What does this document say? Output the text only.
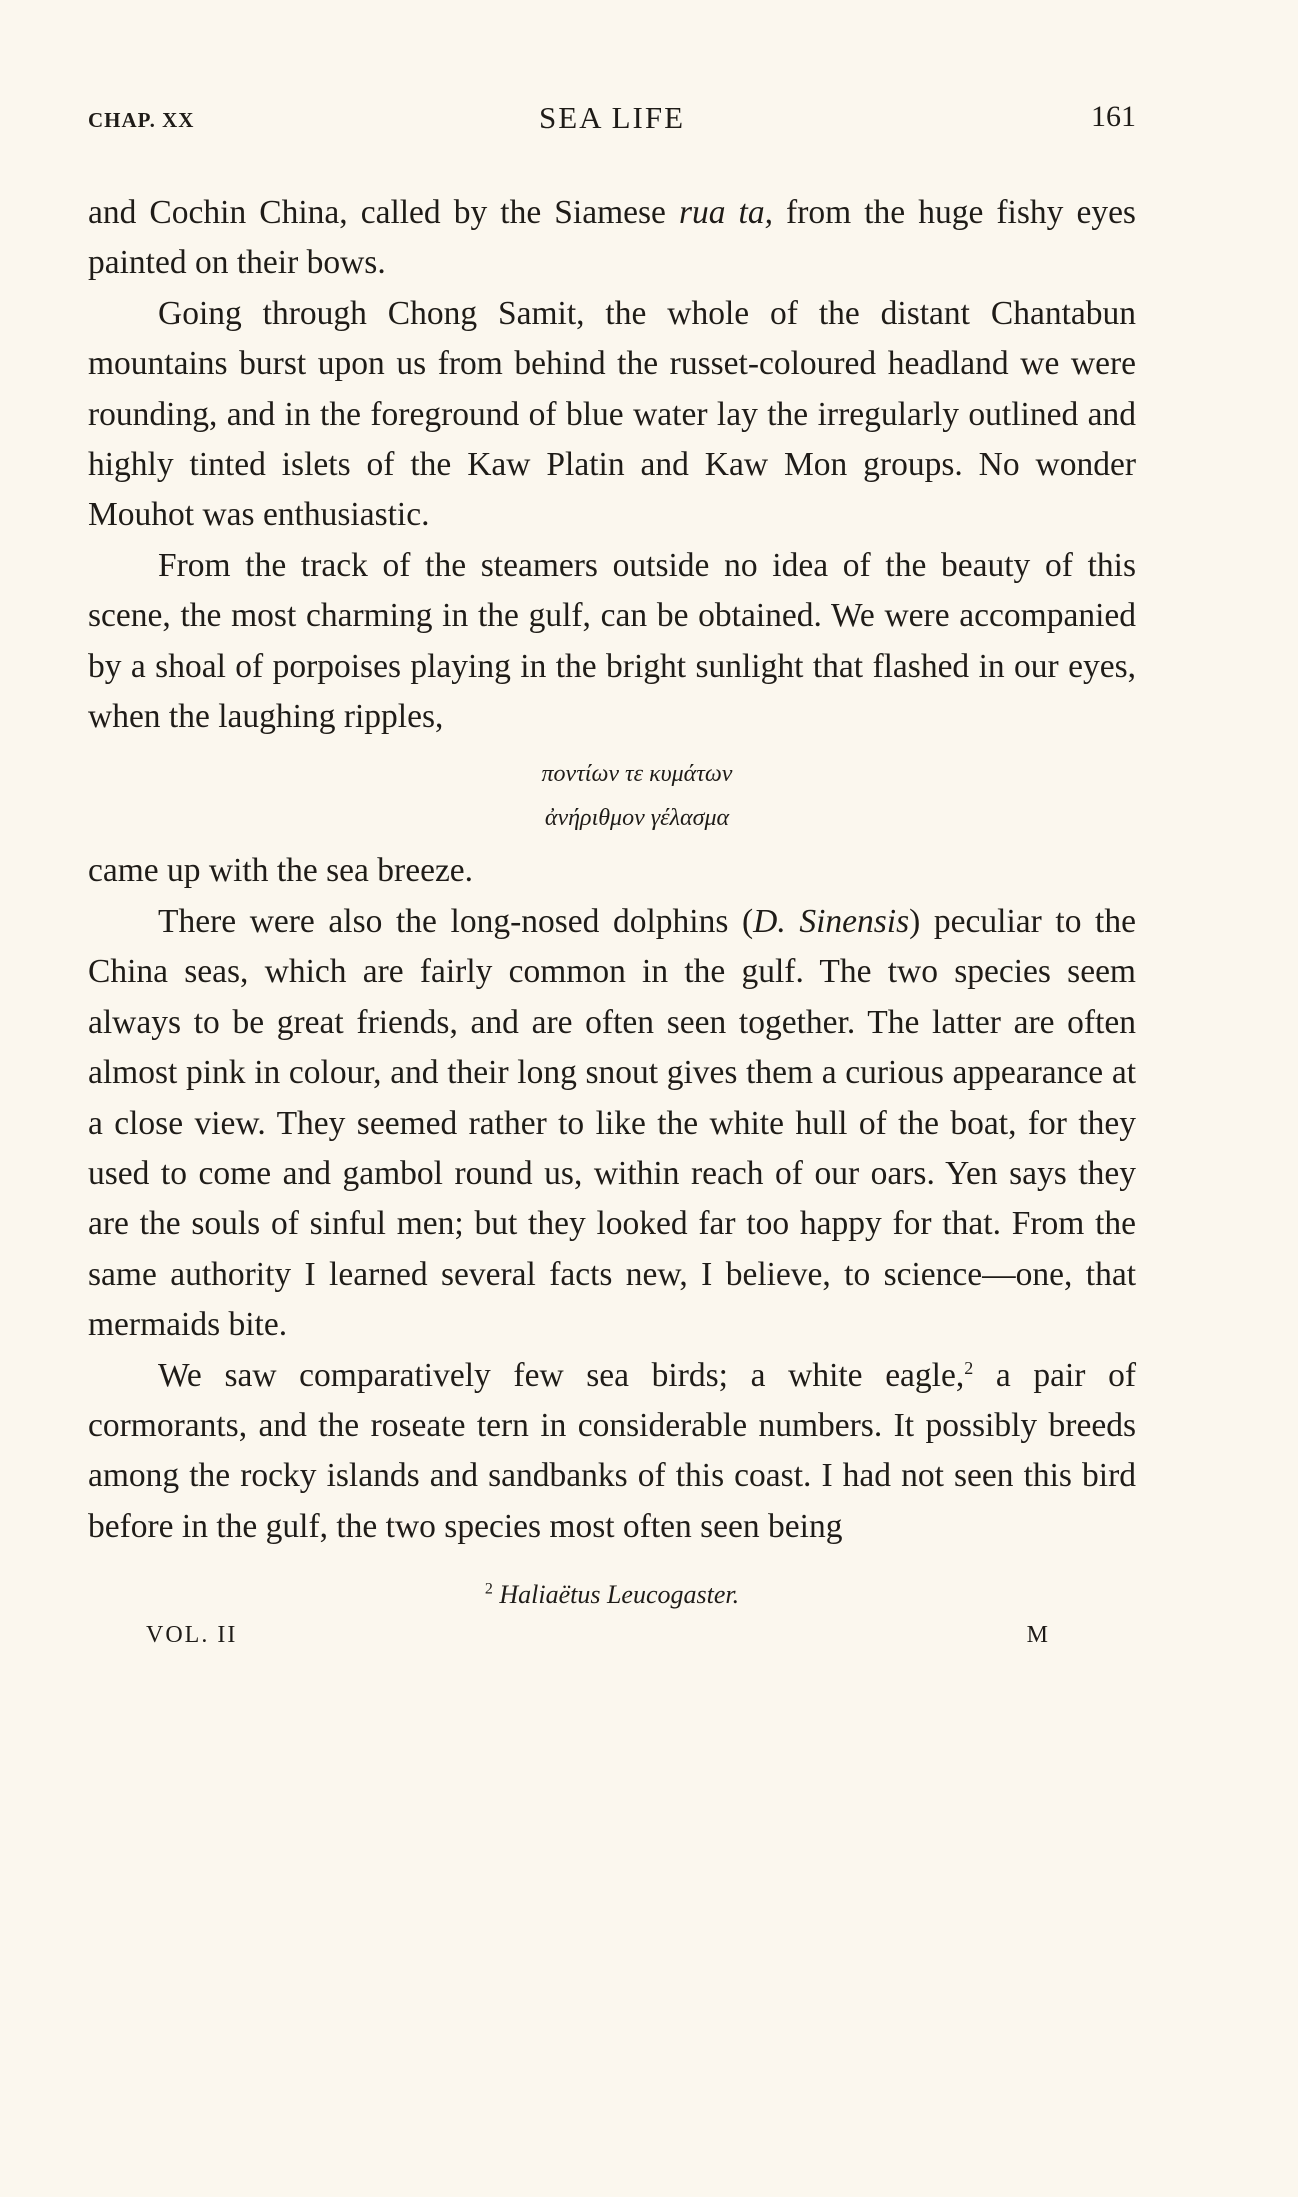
CHAP. XX	SEA LIFE	161

and Cochin China, called by the Siamese rua ta, from the huge fishy eyes painted on their bows.

Going through Chong Samit, the whole of the distant Chantabun mountains burst upon us from behind the russet-coloured headland we were rounding, and in the foreground of blue water lay the irregularly outlined and highly tinted islets of the Kaw Platin and Kaw Mon groups. No wonder Mouhot was enthusiastic.

From the track of the steamers outside no idea of the beauty of this scene, the most charming in the gulf, can be obtained. We were accompanied by a shoal of porpoises playing in the bright sunlight that flashed in our eyes, when the laughing ripples,

ποντίων τε κυμάτων
ἀνήριθμον γέλασμα

came up with the sea breeze.

There were also the long-nosed dolphins (D. Sinensis) peculiar to the China seas, which are fairly common in the gulf. The two species seem always to be great friends, and are often seen together. The latter are often almost pink in colour, and their long snout gives them a curious appearance at a close view. They seemed rather to like the white hull of the boat, for they used to come and gambol round us, within reach of our oars. Yen says they are the souls of sinful men; but they looked far too happy for that. From the same authority I learned several facts new, I believe, to science—one, that mermaids bite.

We saw comparatively few sea birds; a white eagle,$^2$ a pair of cormorants, and the roseate tern in considerable numbers. It possibly breeds among the rocky islands and sandbanks of this coast. I had not seen this bird before in the gulf, the two species most often seen being

$^2$ Haliaëtus Leucogaster.
VOL. II	M
